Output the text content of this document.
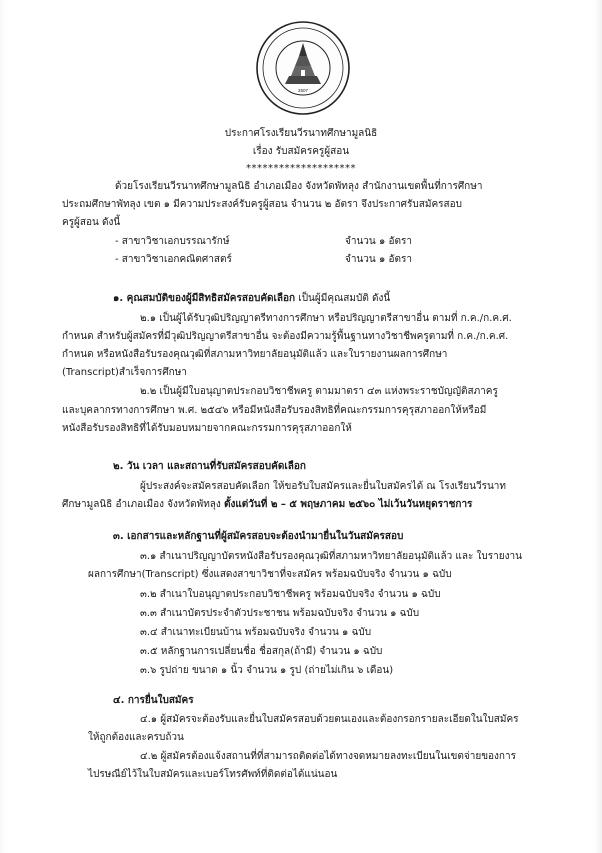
2507
ประกาศโรงเรียนวีรนาทศึกษามูลนิธิ
เรื่อง รับสมัครครูผู้สอน
********************
ด้วยโรงเรียนวีรนาทศึกษามูลนิธิ อำเภอเมือง จังหวัดพัทลุง สำนักงานเขตพื้นที่การศึกษา
ประถมศึกษาพัทลุง เขต ๑ มีความประสงค์รับครูผู้สอน จำนวน ๒ อัตรา จึงประกาศรับสมัครสอบ
ครูผู้สอน ดังนี้
- สาขาวิชาเอกบรรณารักษ์	จำนวน ๑ อัตรา
- สาขาวิชาเอกคณิตศาสตร์	จำนวน ๑ อัตรา
๑. คุณสมบัติของผู้มีสิทธิสมัครสอบคัดเลือก เป็นผู้มีคุณสมบัติ ดังนี้
๒.๑ เป็นผู้ได้รับวุฒิปริญญาตรีทางการศึกษา หรือปริญญาตรีสาขาอื่น ตามที่ ก.ค./ก.ค.ศ.
กำหนด สำหรับผู้สมัครที่มีวุฒิปริญญาตรีสาขาอื่น จะต้องมีความรู้พื้นฐานทางวิชาชีพครูตามที่ ก.ค./ก.ค.ศ.
กำหนด หรือหนังสือรับรองคุณวุฒิที่สภามหาวิทยาลัยอนุมัติแล้ว และใบรายงานผลการศึกษา
(Transcript)สำเร็จการศึกษา
๒.๒ เป็นผู้มีใบอนุญาตประกอบวิชาชีพครู ตามมาตรา ๔๓ แห่งพระราชบัญญัติสภาครู
และบุคลากรทางการศึกษา พ.ศ. ๒๕๔๖ หรือมีหนังสือรับรองสิทธิที่คณะกรรมการคุรุสภาออกให้หรือมี
หนังสือรับรองสิทธิที่ได้รับมอบหมายจากคณะกรรมการคุรุสภาออกให้
๒. วัน เวลา และสถานที่รับสมัครสอบคัดเลือก
ผู้ประสงค์จะสมัครสอบคัดเลือก ให้ขอรับใบสมัครและยื่นใบสมัครได้ ณ โรงเรียนวีรนาท
ศึกษามูลนิธิ อำเภอเมือง จังหวัดพัทลุง ตั้งแต่วันที่ ๒ – ๕ พฤษภาคม ๒๕๖๐ ไม่เว้นวันหยุดราชการ
๓. เอกสารและหลักฐานที่ผู้สมัครสอบจะต้องนำมายื่นในวันสมัครสอบ
๓.๑ สำเนาปริญญาบัตรหนังสือรับรองคุณวุฒิที่สภามหาวิทยาลัยอนุมัติแล้ว และ ใบรายงาน
ผลการศึกษา(Transcript) ซึ่งแสดงสาขาวิชาที่จะสมัคร พร้อมฉบับจริง จำนวน ๑ ฉบับ
๓.๒ สำเนาใบอนุญาตประกอบวิชาชีพครู พร้อมฉบับจริง จำนวน ๑ ฉบับ
๓.๓ สำเนาบัตรประจำตัวประชาชน พร้อมฉบับจริง จำนวน ๑ ฉบับ
๓.๔ สำเนาทะเบียนบ้าน พร้อมฉบับจริง จำนวน ๑ ฉบับ
๓.๕ หลักฐานการเปลี่ยนชื่อ ชื่อสกุล(ถ้ามี) จำนวน ๑ ฉบับ
๓.๖ รูปถ่าย ขนาด ๑ นิ้ว จำนวน ๑ รูป (ถ่ายไม่เกิน ๖ เดือน)
๔. การยื่นใบสมัคร
๔.๑ ผู้สมัครจะต้องรับและยื่นใบสมัครสอบด้วยตนเองและต้องกรอกรายละเอียดในใบสมัคร
ให้ถูกต้องและครบถ้วน
๔.๒ ผู้สมัครต้องแจ้งสถานที่ที่สามารถติดต่อได้ทางจดหมายลงทะเบียนในเขตจ่ายของการ
ไปรษณีย์ไว้ในใบสมัครและเบอร์โทรศัพท์ที่ติดต่อได้แน่นอน
